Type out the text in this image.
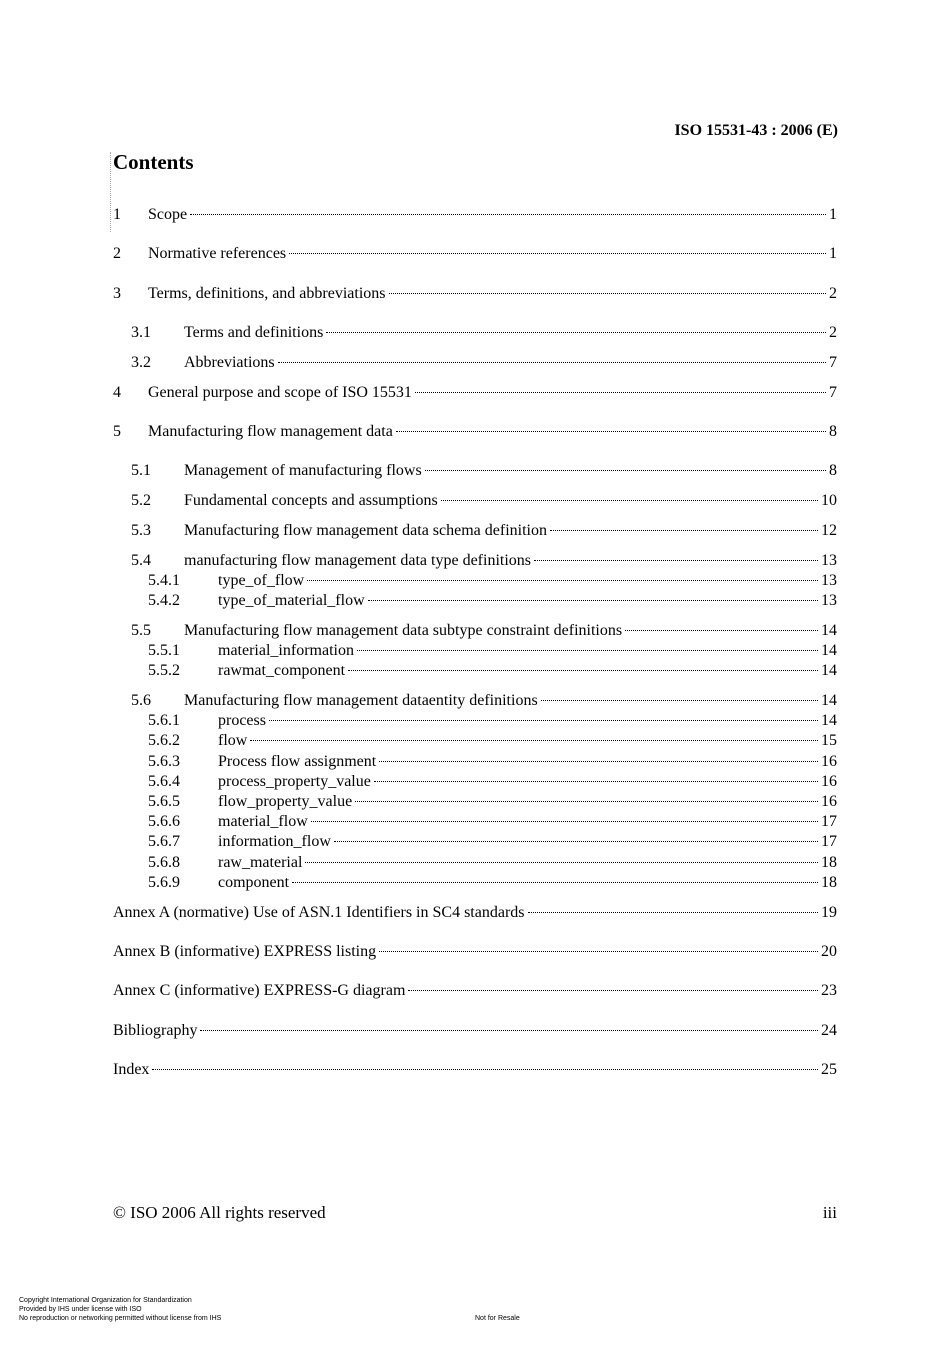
ISO 15531-43 : 2006 (E)
Contents
1	Scope	1
2	Normative references	1
3	Terms, definitions, and abbreviations	2
3.1	Terms and definitions	2
3.2	Abbreviations	7
4	General purpose and scope of ISO 15531	7
5	Manufacturing flow management data	8
5.1	Management of manufacturing flows	8
5.2	Fundamental concepts and assumptions	10
5.3	Manufacturing flow management data schema definition	12
5.4	manufacturing flow management data type definitions	13
5.4.1	type_of_flow	13
5.4.2	type_of_material_flow	13
5.5	Manufacturing flow management data subtype constraint definitions	14
5.5.1	material_information	14
5.5.2	rawmat_component	14
5.6	Manufacturing flow management dataentity definitions	14
5.6.1	process	14
5.6.2	flow	15
5.6.3	Process flow assignment	16
5.6.4	process_property_value	16
5.6.5	flow_property_value	16
5.6.6	material_flow	17
5.6.7	information_flow	17
5.6.8	raw_material	18
5.6.9	component	18
Annex A (normative) Use of ASN.1 Identifiers in SC4 standards	19
Annex B (informative) EXPRESS listing	20
Annex C (informative) EXPRESS-G diagram	23
Bibliography	24
Index	25
© ISO 2006 All rights reserved	iii
Copyright International Organization for Standardization
Provided by IHS under license with ISO
No reproduction or networking permitted without license from IHS	Not for Resale
